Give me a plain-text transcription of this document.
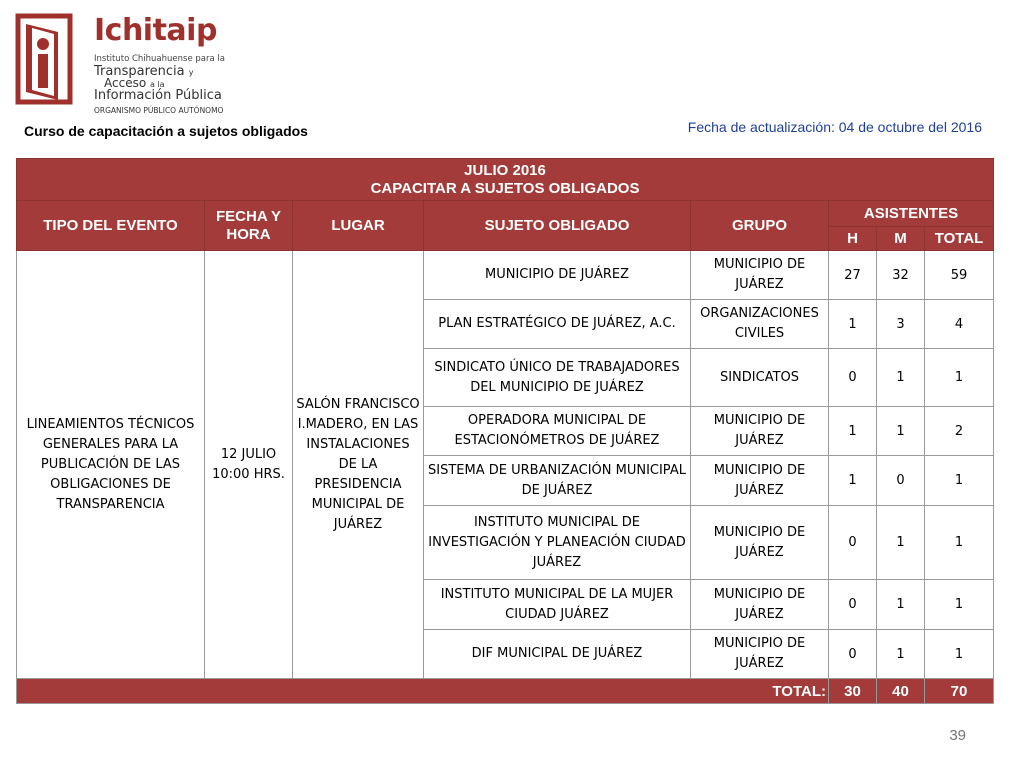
Ichitaip
Instituto Chihuahuense para la
Transparencia y
Acceso a la
Información Pública
ORGANISMO PÚBLICO AUTÓNOMO
Curso de capacitación a sujetos obligados	Fecha de actualización: 04 de octubre del 2016
JULIO 2016
CAPACITAR A SUJETOS OBLIGADOS							

TIPO DEL EVENTO	FECHA Y HORA	LUGAR	SUJETO OBLIGADO	GRUPO	ASISTENTES		
					H	M	TOTAL
LINEAMIENTOS TÉCNICOS GENERALES PARA LA PUBLICACIÓN DE LAS OBLIGACIONES DE TRANSPARENCIA	12 JULIO 10:00 HRS.	SALÓN FRANCISCO I.MADERO, EN LAS INSTALACIONES DE LA PRESIDENCIA MUNICIPAL DE JUÁREZ	MUNICIPIO DE JUÁREZ	MUNICIPIO DE JUÁREZ	27	32	59
			PLAN ESTRATÉGICO DE JUÁREZ, A.C.	ORGANIZACIONES CIVILES	1	3	4
			SINDICATO ÚNICO DE TRABAJADORES DEL MUNICIPIO DE JUÁREZ	SINDICATOS	0	1	1
			OPERADORA MUNICIPAL DE ESTACIONÓMETROS DE JUÁREZ	MUNICIPIO DE JUÁREZ	1	1	2
			SISTEMA DE URBANIZACIÓN MUNICIPAL DE JUÁREZ	MUNICIPIO DE JUÁREZ	1	0	1
			INSTITUTO MUNICIPAL DE INVESTIGACIÓN Y PLANEACIÓN CIUDAD JUÁREZ	MUNICIPIO DE JUÁREZ	0	1	1
			INSTITUTO MUNICIPAL DE LA MUJER CIUDAD JUÁREZ	MUNICIPIO DE JUÁREZ	0	1	1
			DIF MUNICIPAL DE JUÁREZ	MUNICIPIO DE JUÁREZ	0	1	1
TOTAL:					30	40	70
39
